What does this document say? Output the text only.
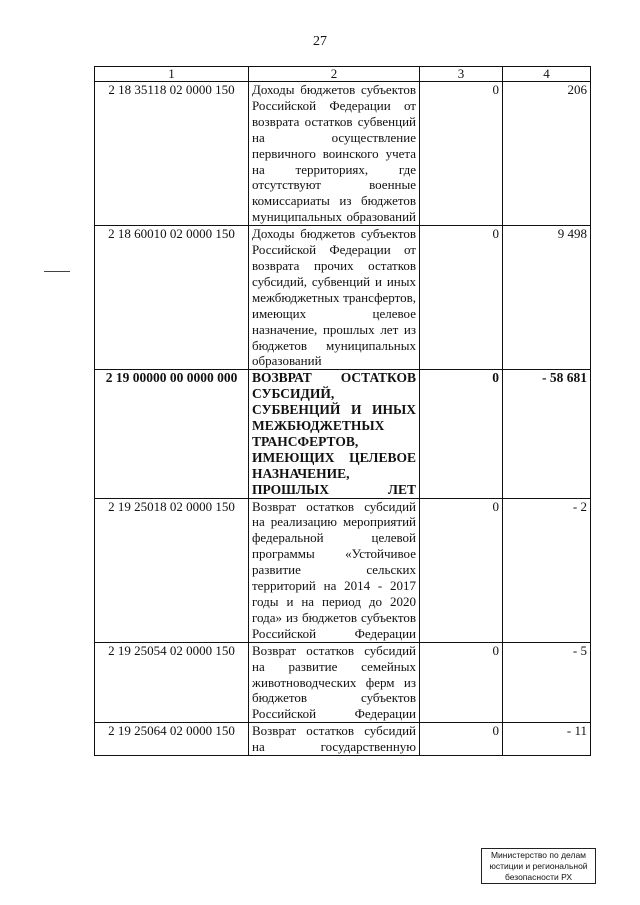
27
1	2	3	4
2 18 35118 02 0000 150	Доходы бюджетов субъектов Российской Федерации от возврата остатков субвенций на осуществление первичного воинского учета на территориях, где отсутствуют военные комиссариаты из бюджетов муниципальных образований	0	206
2 18 60010 02 0000 150	Доходы бюджетов субъектов Российской Федерации от возврата прочих остатков субсидий, субвенций и иных межбюджетных трансфертов, имеющих целевое назначение, прошлых лет из бюджетов муниципальных образований	0	9 498
2 19 00000 00 0000 000	ВОЗВРАТ ОСТАТКОВ СУБСИДИЙ, СУБВЕНЦИЙ И ИНЫХ МЕЖБЮДЖЕТНЫХ ТРАНСФЕРТОВ, ИМЕЮЩИХ ЦЕЛЕВОЕ НАЗНАЧЕНИЕ, ПРОШЛЫХ ЛЕТ	0	- 58 681
2 19 25018 02 0000 150	Возврат остатков субсидий на реализацию мероприятий федеральной целевой программы «Устойчивое развитие сельских территорий на 2014 - 2017 годы и на период до 2020 года» из бюджетов субъектов Российской Федерации	0	- 2
2 19 25054 02 0000 150	Возврат остатков субсидий на развитие семейных животноводческих ферм из бюджетов субъектов Российской Федерации	0	- 5
2 19 25064 02 0000 150	Возврат остатков субсидий на государственную	0	- 11
Министерство по делам
юстиции и региональной
безопасности РХ
